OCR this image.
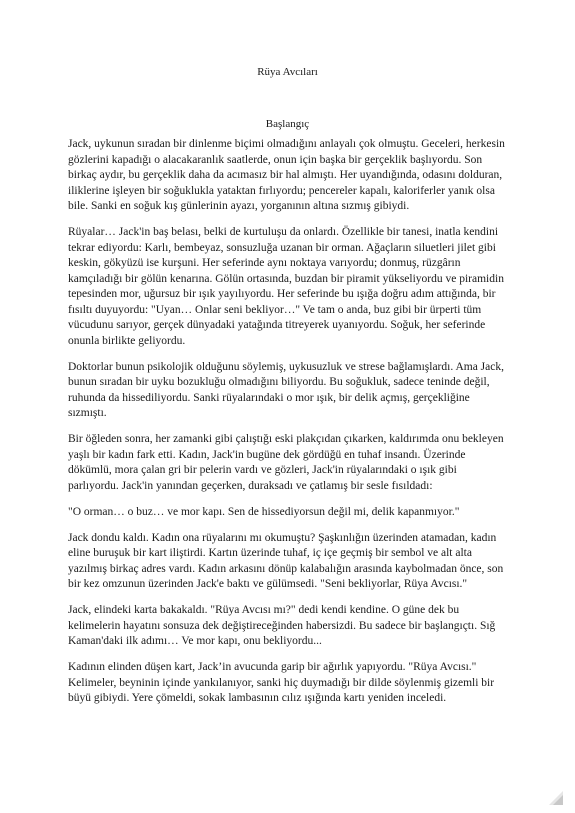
Rüya Avcıları
Başlangıç

Jack, uykunun sıradan bir dinlenme biçimi olmadığını anlayalı çok olmuştu. Geceleri, herkesin gözlerini kapadığı o alacakaranlık saatlerde, onun için başka bir gerçeklik başlıyordu. Son birkaç aydır, bu gerçeklik daha da acımasız bir hal almıştı. Her uyandığında, odasını dolduran, iliklerine işleyen bir soğuklukla yataktan fırlıyordu; pencereler kapalı, kaloriferler yanık olsa bile. Sanki en soğuk kış günlerinin ayazı, yorganının altına sızmış gibiydi.

Rüyalar… Jack'in baş belası, belki de kurtuluşu da onlardı. Özellikle bir tanesi, inatla kendini tekrar ediyordu: Karlı, bembeyaz, sonsuzluğa uzanan bir orman. Ağaçların siluetleri jilet gibi keskin, gökyüzü ise kurşuni. Her seferinde aynı noktaya varıyordu; donmuş, rüzgârın kamçıladığı bir gölün kenarına. Gölün ortasında, buzdan bir piramit yükseliyordu ve piramidin tepesinden mor, uğursuz bir ışık yayılıyordu. Her seferinde bu ışığa doğru adım attığında, bir fısıltı duyuyordu: "Uyan… Onlar seni bekliyor…" Ve tam o anda, buz gibi bir ürperti tüm vücudunu sarıyor, gerçek dünyadaki yatağında titreyerek uyanıyordu. Soğuk, her seferinde onunla birlikte geliyordu.

Doktorlar bunun psikolojik olduğunu söylemiş, uykusuzluk ve strese bağlamışlardı. Ama Jack, bunun sıradan bir uyku bozukluğu olmadığını biliyordu. Bu soğukluk, sadece teninde değil, ruhunda da hissediliyordu. Sanki rüyalarındaki o mor ışık, bir delik açmış, gerçekliğine sızmıştı.

Bir öğleden sonra, her zamanki gibi çalıştığı eski plakçıdan çıkarken, kaldırımda onu bekleyen yaşlı bir kadın fark etti. Kadın, Jack'in bugüne dek gördüğü en tuhaf insandı. Üzerinde dökümlü, mora çalan gri bir pelerin vardı ve gözleri, Jack'in rüyalarındaki o ışık gibi parlıyordu. Jack'in yanından geçerken, duraksadı ve çatlamış bir sesle fısıldadı:

"O orman… o buz… ve mor kapı. Sen de hissediyorsun değil mi, delik kapanmıyor."

Jack dondu kaldı. Kadın ona rüyalarını mı okumuştu? Şaşkınlığın üzerinden atamadan, kadın eline buruşuk bir kart iliştirdi. Kartın üzerinde tuhaf, iç içe geçmiş bir sembol ve alt alta yazılmış birkaç adres vardı. Kadın arkasını dönüp kalabalığın arasında kaybolmadan önce, son bir kez omzunun üzerinden Jack'e baktı ve gülümsedi. "Seni bekliyorlar, Rüya Avcısı."

Jack, elindeki karta bakakaldı. "Rüya Avcısı mı?" dedi kendi kendine. O güne dek bu kelimelerin hayatını sonsuza dek değiştireceğinden habersizdi. Bu sadece bir başlangıçtı. Sığ Kaman'daki ilk adımı… Ve mor kapı, onu bekliyordu...

Kadının elinden düşen kart, Jack’in avucunda garip bir ağırlık yapıyordu. "Rüya Avcısı." Kelimeler, beyninin içinde yankılanıyor, sanki hiç duymadığı bir dilde söylenmiş gizemli bir büyü gibiydi. Yere çömeldi, sokak lambasının cılız ışığında kartı yeniden inceledi.
